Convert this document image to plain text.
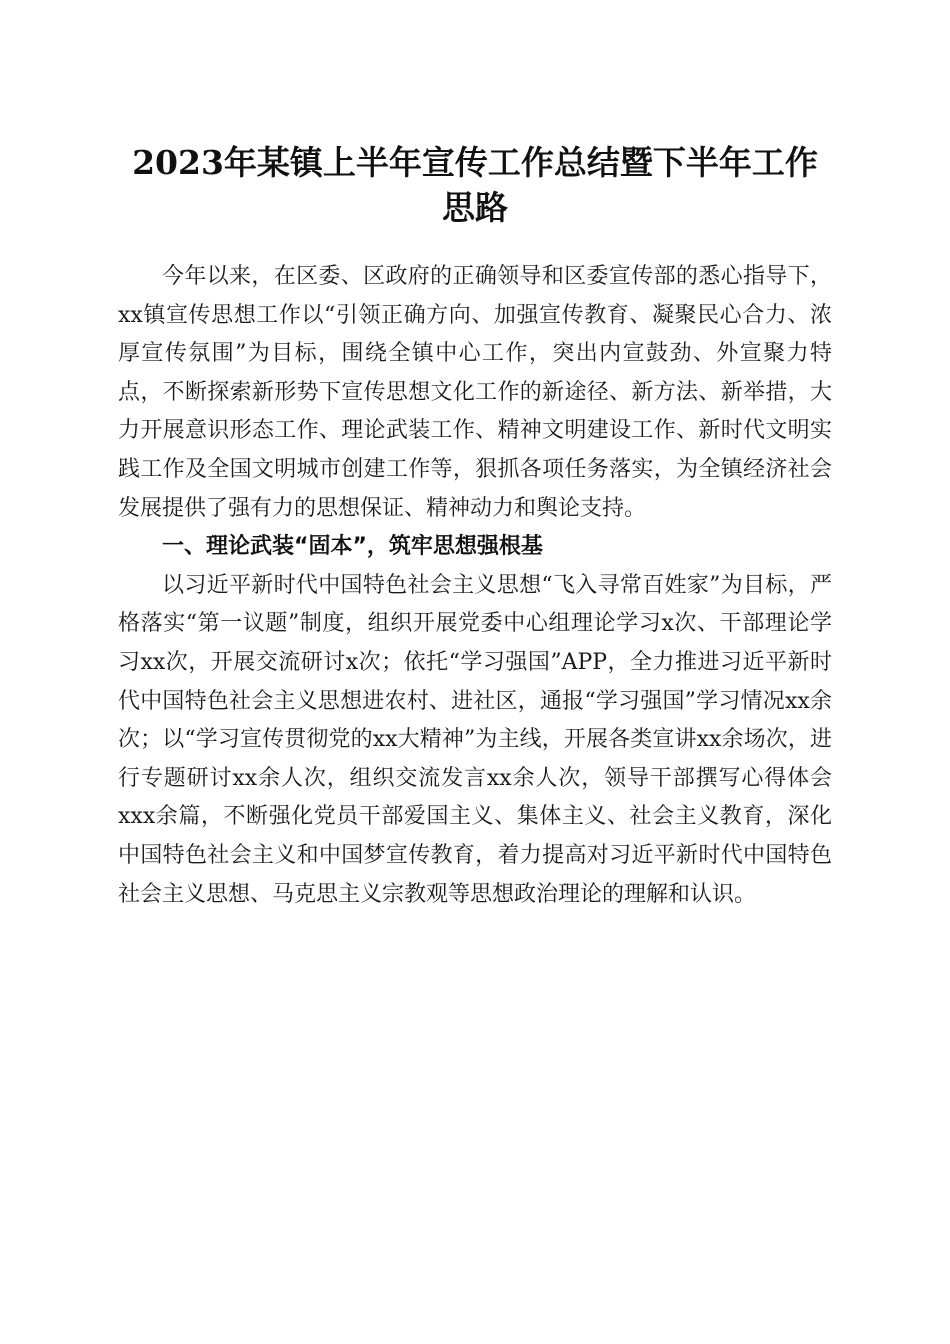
2023年某镇上半年宣传工作总结暨下半年工作思路

今年以来，在区委、区政府的正确领导和区委宣传部的悉心指导下，xx镇宣传思想工作以“引领正确方向、加强宣传教育、凝聚民心合力、浓厚宣传氛围”为目标，围绕全镇中心工作，突出内宣鼓劲、外宣聚力特点，不断探索新形势下宣传思想文化工作的新途径、新方法、新举措，大力开展意识形态工作、理论武装工作、精神文明建设工作、新时代文明实践工作及全国文明城市创建工作等，狠抓各项任务落实，为全镇经济社会发展提供了强有力的思想保证、精神动力和舆论支持。

一、理论武装“固本”，筑牢思想强根基

以习近平新时代中国特色社会主义思想“飞入寻常百姓家”为目标，严格落实“第一议题”制度，组织开展党委中心组理论学习x次、干部理论学习xx次，开展交流研讨x次；依托“学习强国”APP，全力推进习近平新时代中国特色社会主义思想进农村、进社区，通报“学习强国”学习情况xx余次；以“学习宣传贯彻党的xx大精神”为主线，开展各类宣讲xx余场次，进行专题研讨xx余人次，组织交流发言xx余人次，领导干部撰写心得体会xxx余篇，不断强化党员干部爱国主义、集体主义、社会主义教育，深化中国特色社会主义和中国梦宣传教育，着力提高对习近平新时代中国特色社会主义思想、马克思主义宗教观等思想政治理论的理解和认识。
